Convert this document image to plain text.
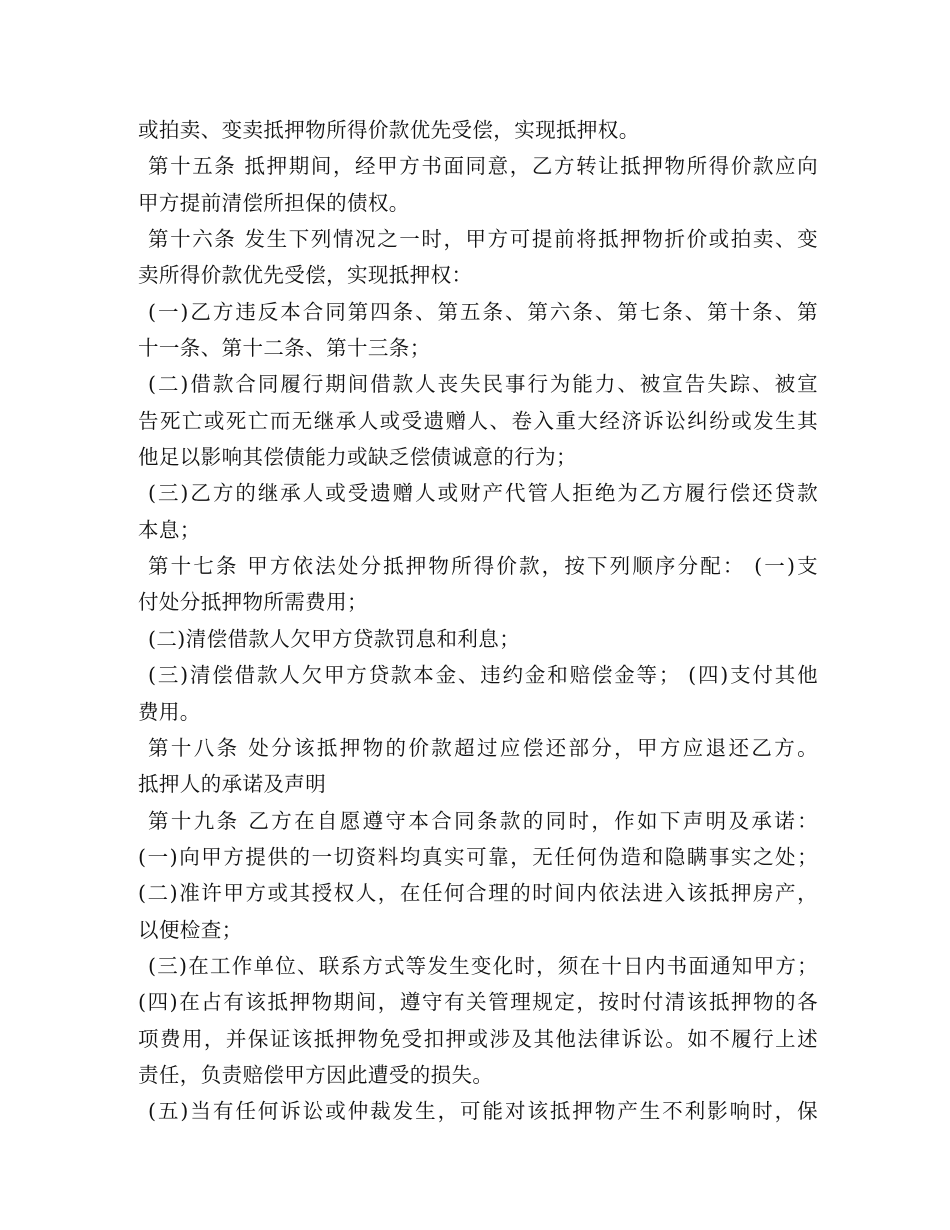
或拍卖、变卖抵押物所得价款优先受偿，实现抵押权。
第十五条 抵押期间，经甲方书面同意，乙方转让抵押物所得价款应向
甲方提前清偿所担保的债权。
第十六条 发生下列情况之一时，甲方可提前将抵押物折价或拍卖、变
卖所得价款优先受偿，实现抵押权：
(一)乙方违反本合同第四条、第五条、第六条、第七条、第十条、第
十一条、第十二条、第十三条；
(二)借款合同履行期间借款人丧失民事行为能力、被宣告失踪、被宣
告死亡或死亡而无继承人或受遗赠人、卷入重大经济诉讼纠纷或发生其
他足以影响其偿债能力或缺乏偿债诚意的行为；
(三)乙方的继承人或受遗赠人或财产代管人拒绝为乙方履行偿还贷款
本息；
第十七条 甲方依法处分抵押物所得价款，按下列顺序分配： (一)支
付处分抵押物所需费用；
(二)清偿借款人欠甲方贷款罚息和利息；
(三)清偿借款人欠甲方贷款本金、违约金和赔偿金等； (四)支付其他
费用。
第十八条 处分该抵押物的价款超过应偿还部分，甲方应退还乙方。
抵押人的承诺及声明
第十九条 乙方在自愿遵守本合同条款的同时，作如下声明及承诺：
(一)向甲方提供的一切资料均真实可靠，无任何伪造和隐瞒事实之处；
(二)准许甲方或其授权人，在任何合理的时间内依法进入该抵押房产，
以便检查；
(三)在工作单位、联系方式等发生变化时，须在十日内书面通知甲方；
(四)在占有该抵押物期间，遵守有关管理规定，按时付清该抵押物的各
项费用，并保证该抵押物免受扣押或涉及其他法律诉讼。如不履行上述
责任，负责赔偿甲方因此遭受的损失。
(五)当有任何诉讼或仲裁发生，可能对该抵押物产生不利影响时，保
